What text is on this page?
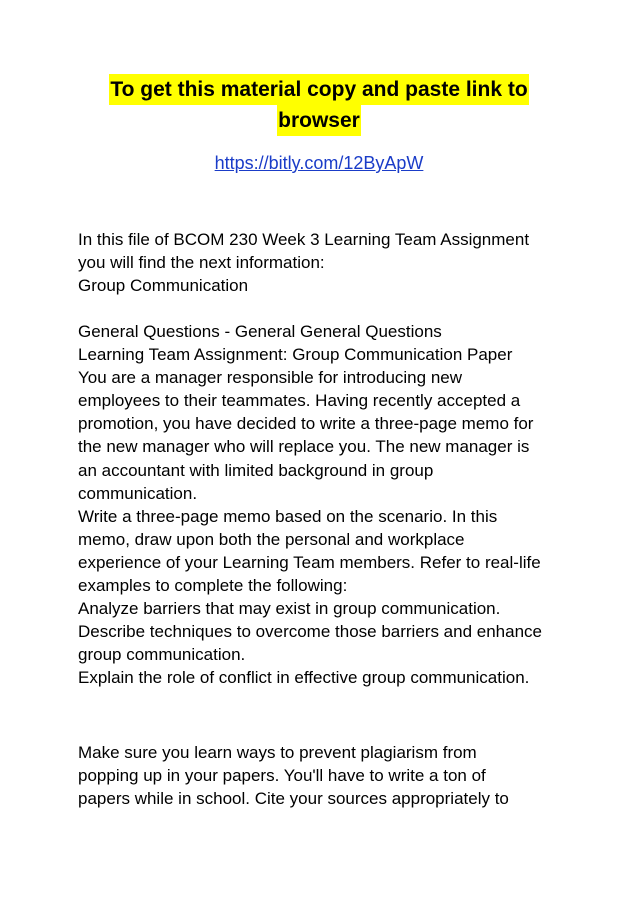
To get this material copy and paste link to
browser
https://bitly.com/12ByApW
In this file of BCOM 230 Week 3 Learning Team Assignment
you will find the next information:
Group Communication
General Questions - General General Questions
Learning Team Assignment: Group Communication Paper
You are a manager responsible for introducing new
employees to their teammates. Having recently accepted a
promotion, you have decided to write a three-page memo for
the new manager who will replace you. The new manager is
an accountant with limited background in group
communication.
Write a three-page memo based on the scenario. In this
memo, draw upon both the personal and workplace
experience of your Learning Team members. Refer to real-life
examples to complete the following:
Analyze barriers that may exist in group communication.
Describe techniques to overcome those barriers and enhance
group communication.
Explain the role of conflict in effective group communication.
Make sure you learn ways to prevent plagiarism from
popping up in your papers. You'll have to write a ton of
papers while in school. Cite your sources appropriately to
